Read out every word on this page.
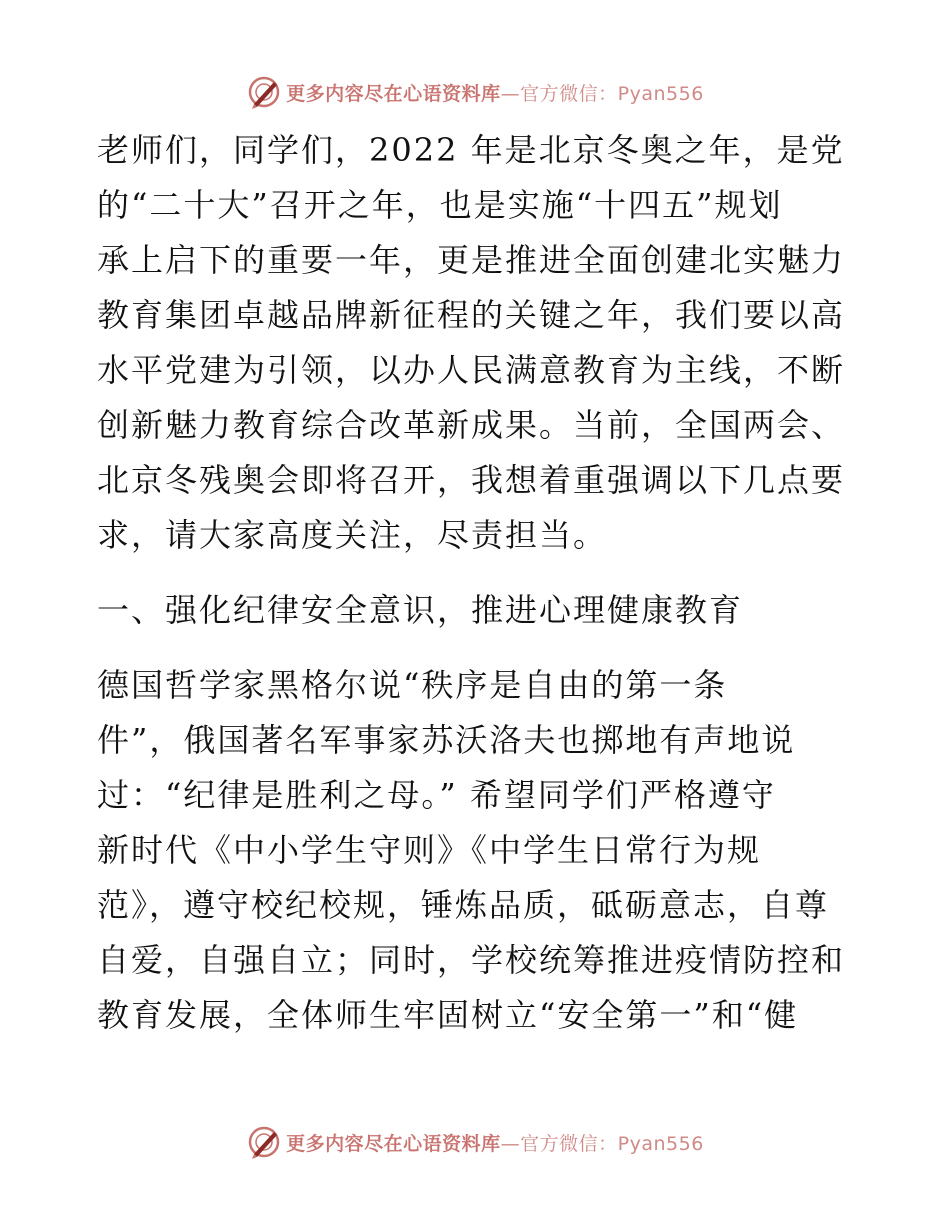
更多内容尽在心语资料库—官方微信：Pyan556
老师们，同学们，2022 年是北京冬奥之年，是党
的“二十大”召开之年，也是实施“十四五”规划
承上启下的重要一年，更是推进全面创建北实魅力
教育集团卓越品牌新征程的关键之年，我们要以高
水平党建为引领，以办人民满意教育为主线，不断
创新魅力教育综合改革新成果。当前，全国两会、
北京冬残奥会即将召开，我想着重强调以下几点要
求，请大家高度关注，尽责担当。
一、强化纪律安全意识，推进心理健康教育
德国哲学家黑格尔说“秩序是自由的第一条
件”，俄国著名军事家苏沃洛夫也掷地有声地说
过：“纪律是胜利之母。” 希望同学们严格遵守
新时代《中小学生守则》《中学生日常行为规
范》，遵守校纪校规，锤炼品质，砥砺意志，自尊
自爱，自强自立；同时，学校统筹推进疫情防控和
教育发展，全体师生牢固树立“安全第一”和“健
更多内容尽在心语资料库—官方微信：Pyan556
